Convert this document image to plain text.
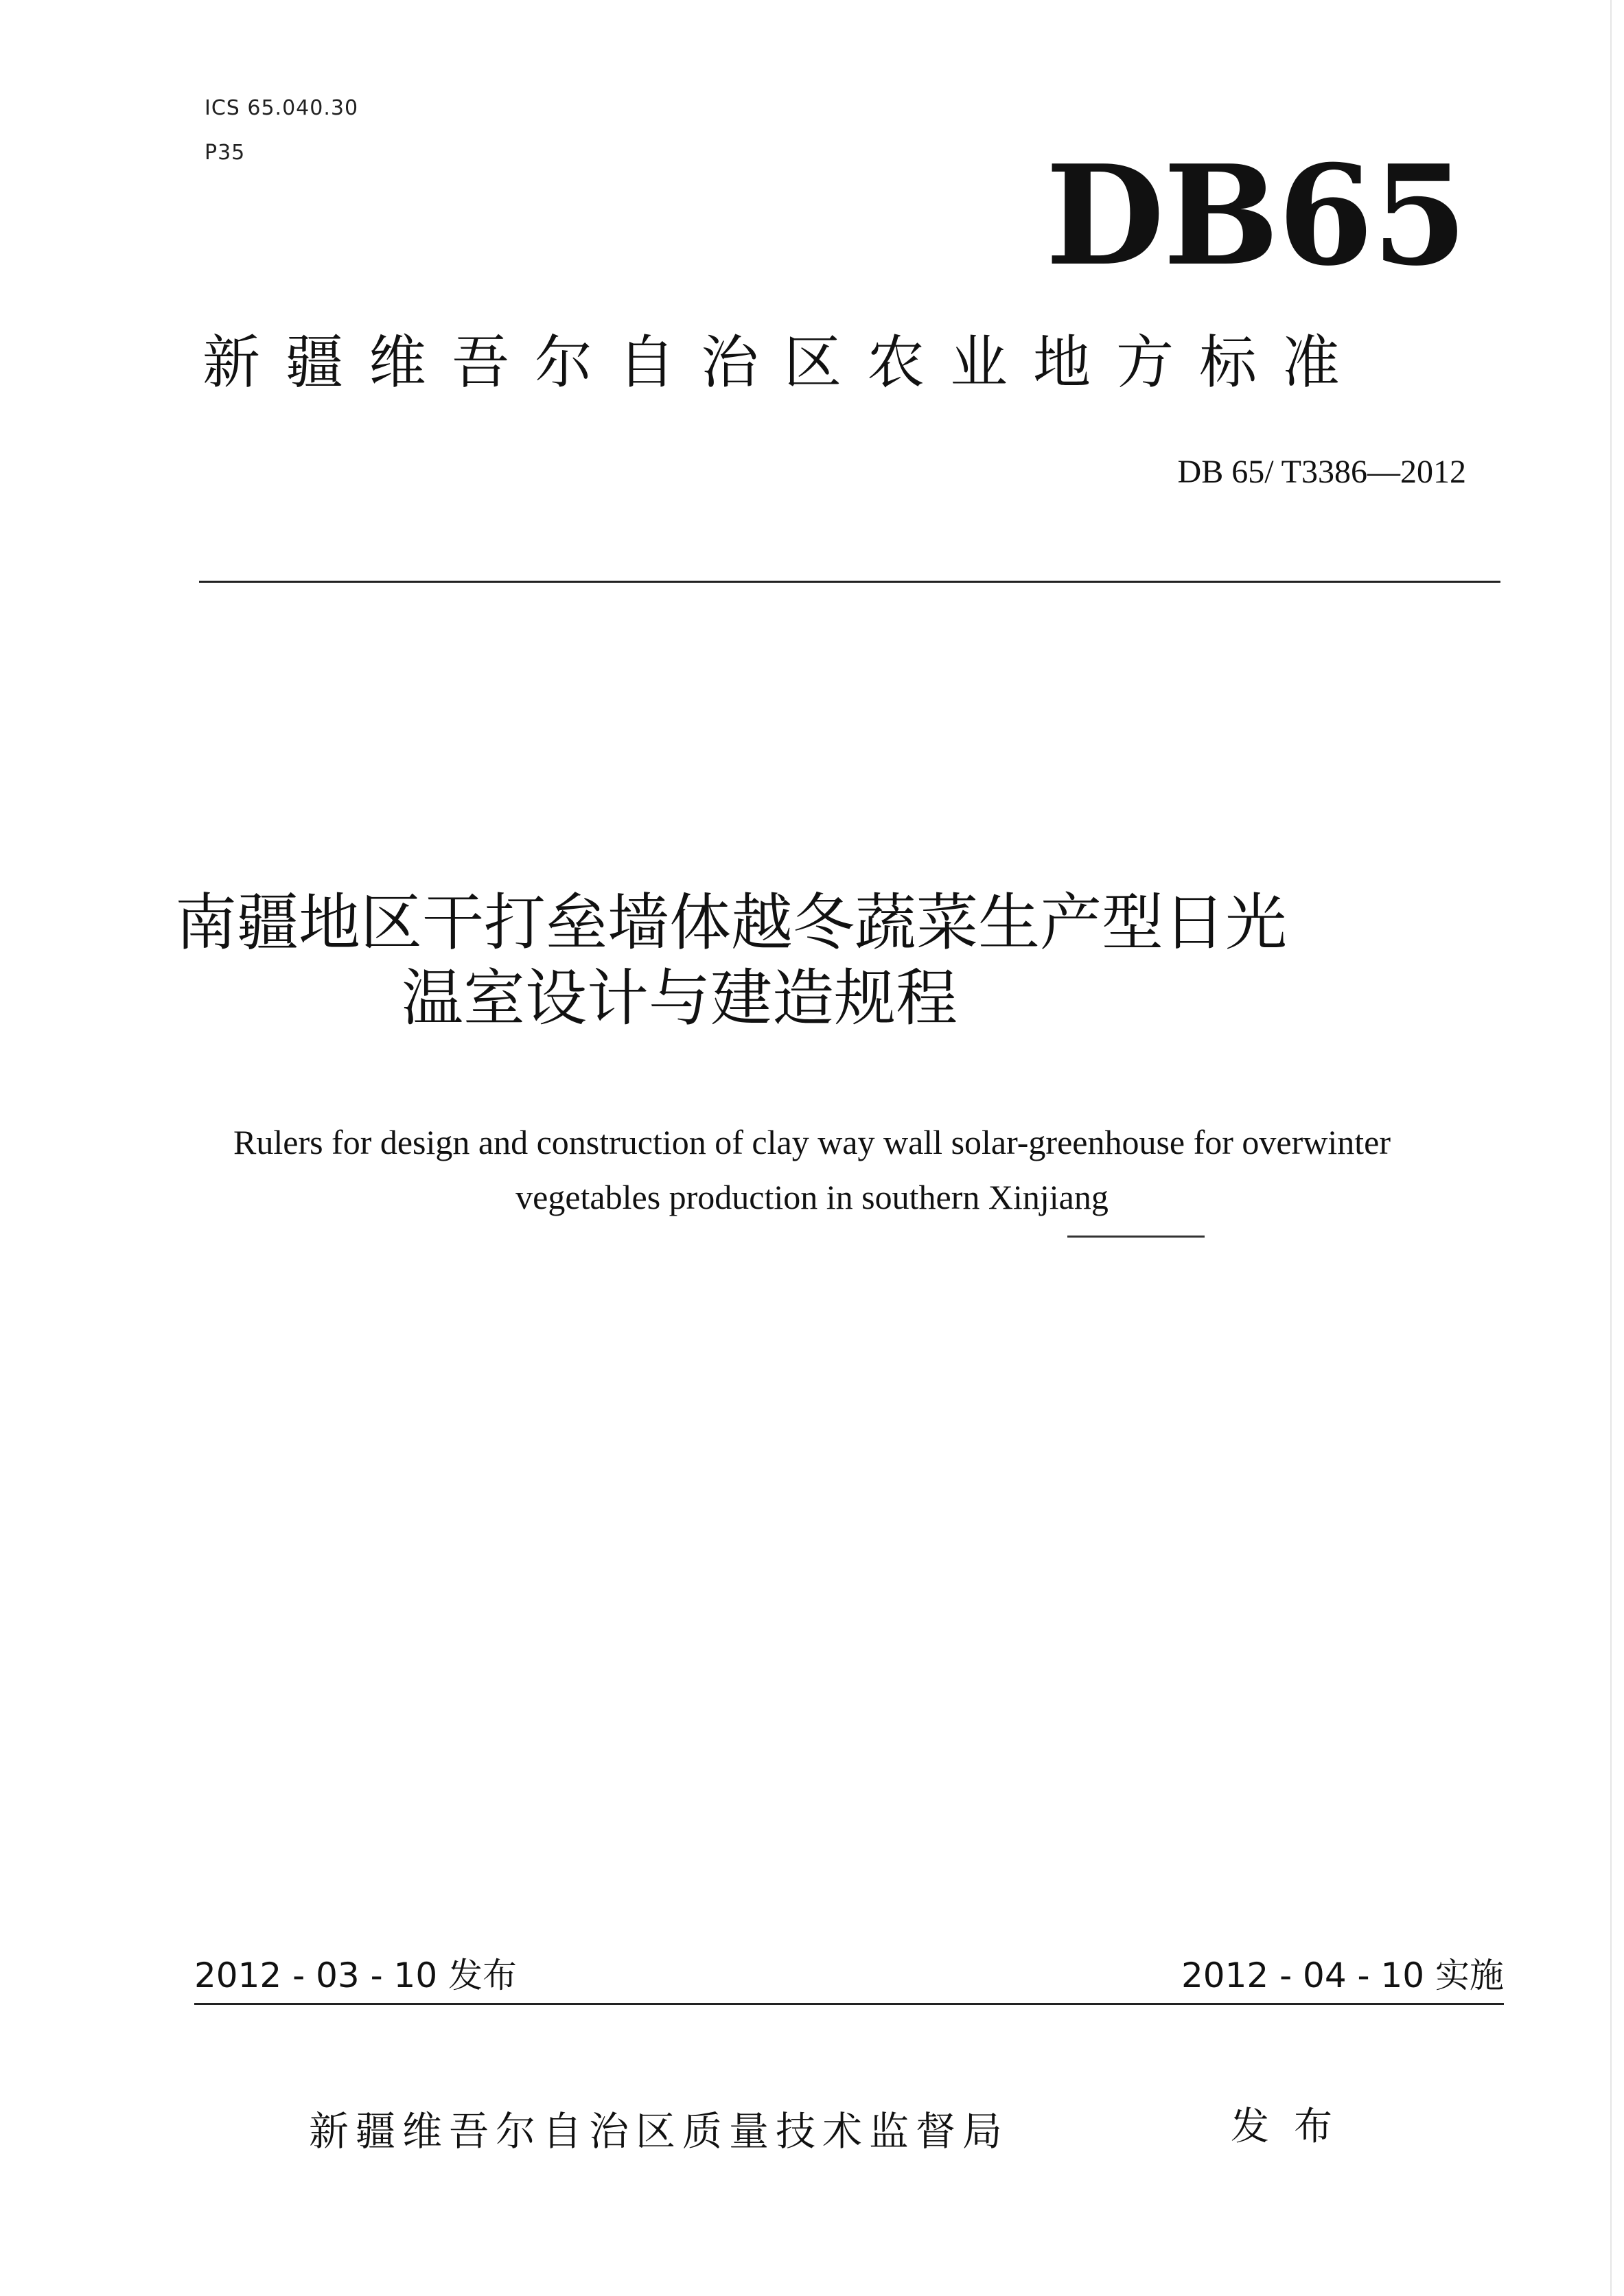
ICS 65.040.30
P35	DB65
新疆维吾尔自治区农业地方标准
DB 65/ T3386—2012
南疆地区干打垒墙体越冬蔬菜生产型日光
温室设计与建造规程
Rulers for design and construction of clay way wall solar-greenhouse for overwinter
vegetables production in southern Xinjiang
2012 - 03 - 10 发布	2012 - 04 - 10 实施
新疆维吾尔自治区质量技术监督局	发布
